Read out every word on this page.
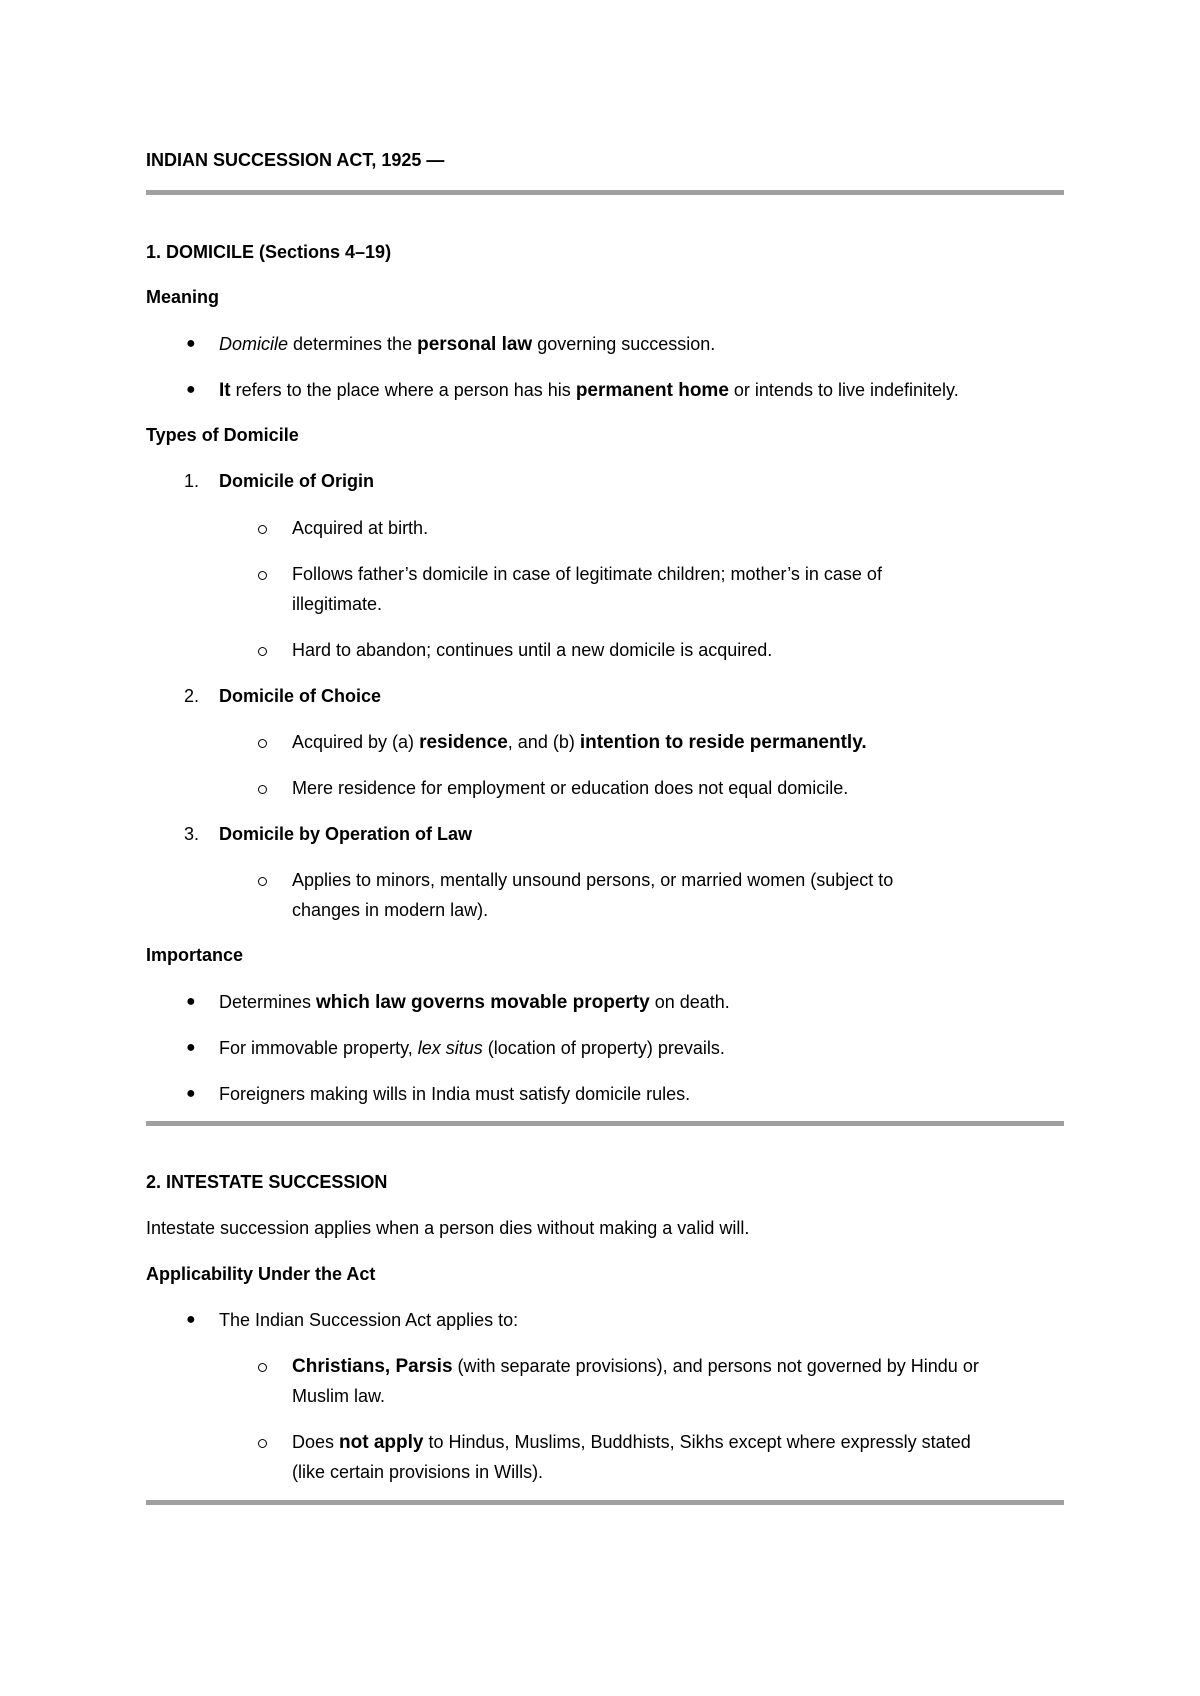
INDIAN SUCCESSION ACT, 1925 —
1. DOMICILE (Sections 4–19)
Meaning
● Domicile determines the personal law governing succession.
● It refers to the place where a person has his permanent home or intends to live indefinitely.
Types of Domicile
1. Domicile of Origin
Acquired at birth.
Follows father’s domicile in case of legitimate children; mother’s in case of
illegitimate.
Hard to abandon; continues until a new domicile is acquired.
2. Domicile of Choice
Acquired by (a) residence, and (b) intention to reside permanently.
Mere residence for employment or education does not equal domicile.
3. Domicile by Operation of Law
Applies to minors, mentally unsound persons, or married women (subject to
changes in modern law).
Importance
● Determines which law governs movable property on death.
● For immovable property, lex situs (location of property) prevails.
● Foreigners making wills in India must satisfy domicile rules.
2. INTESTATE SUCCESSION
Intestate succession applies when a person dies without making a valid will.
Applicability Under the Act
● The Indian Succession Act applies to:
Christians, Parsis (with separate provisions), and persons not governed by Hindu or
Muslim law.
Does not apply to Hindus, Muslims, Buddhists, Sikhs except where expressly stated
(like certain provisions in Wills).
